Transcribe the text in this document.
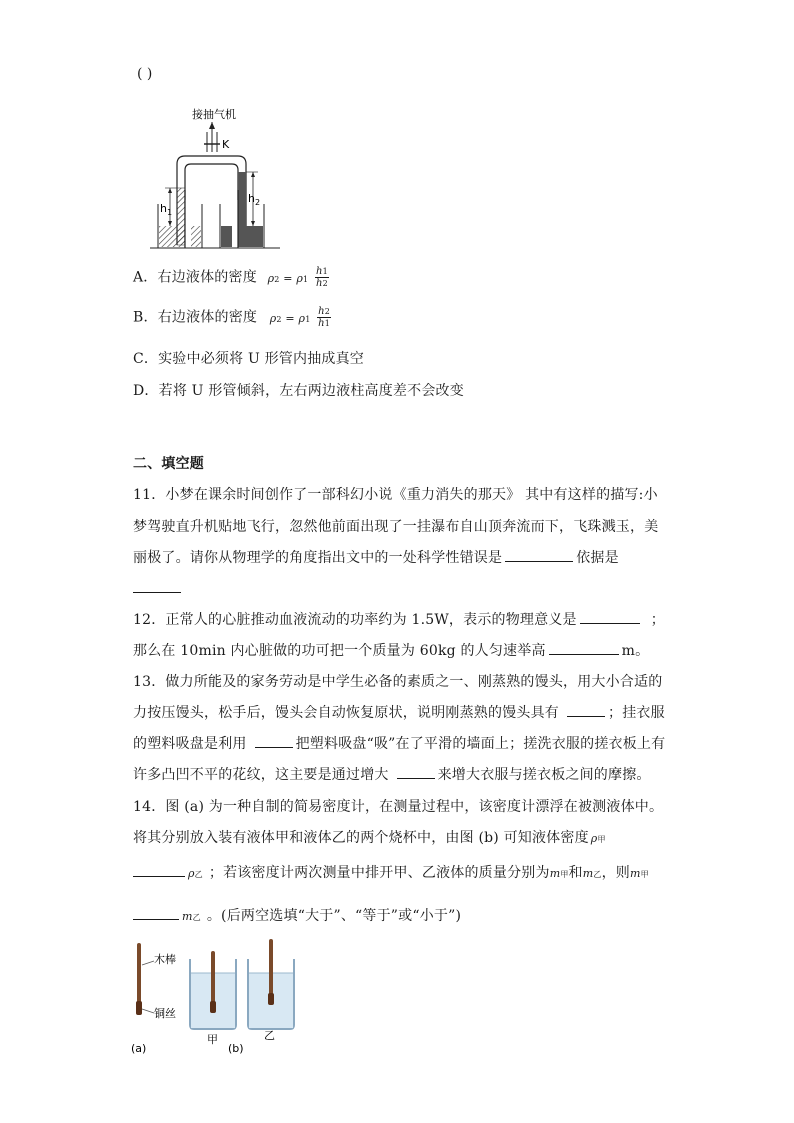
( )
接抽气机
K
$h_1$
$h_2$
A．右边液体的密度 $\rho 2 = \rho 1 \frac{h1}{h2}$
B．右边液体的密度 $\rho 2 = \rho 1 \frac{h2}{h1}$
C．实验中必须将 U 形管内抽成真空
D．若将 U 形管倾斜，左右两边液柱高度差不会改变
二、填空题
11．小梦在课余时间创作了一部科幻小说《重力消失的那天》 其中有这样的描写:小
梦驾驶直升机贴地飞行，忽然他前面出现了一挂瀑布自山顶奔流而下，飞珠溅玉，美
丽极了。请你从物理学的角度指出文中的一处科学性错误是	依据是
12．正常人的心脏推动血液流动的功率约为 1.5W，表示的物理意义是	；
那么在 10min 内心脏做的功可把一个质量为 60kg 的人匀速举高	m。
13．做力所能及的家务劳动是中学生必备的素质之一、刚蒸熟的馒头，用大小合适的
力按压馒头，松手后，馒头会自动恢复原状，说明刚蒸熟的馒头具有	；挂衣服
的塑料吸盘是利用	把塑料吸盘“吸”在了平滑的墙面上；搓洗衣服的搓衣板上有
许多凸凹不平的花纹，这主要是通过增大	来增大衣服与搓衣板之间的摩擦。
14．图 (a) 为一种自制的简易密度计，在测量过程中，该密度计漂浮在被测液体中。
将其分别放入装有液体甲和液体乙的两个烧杯中，由图 (b) 可知液体密度 ρ甲
ρ乙 ；若该密度计两次测量中排开甲、乙液体的质量分别为m甲和m乙，则m甲
m乙 。(后两空选填“大于”、“等于”或“小于”)
木棒
铜丝
(a)
甲
(b)
乙
